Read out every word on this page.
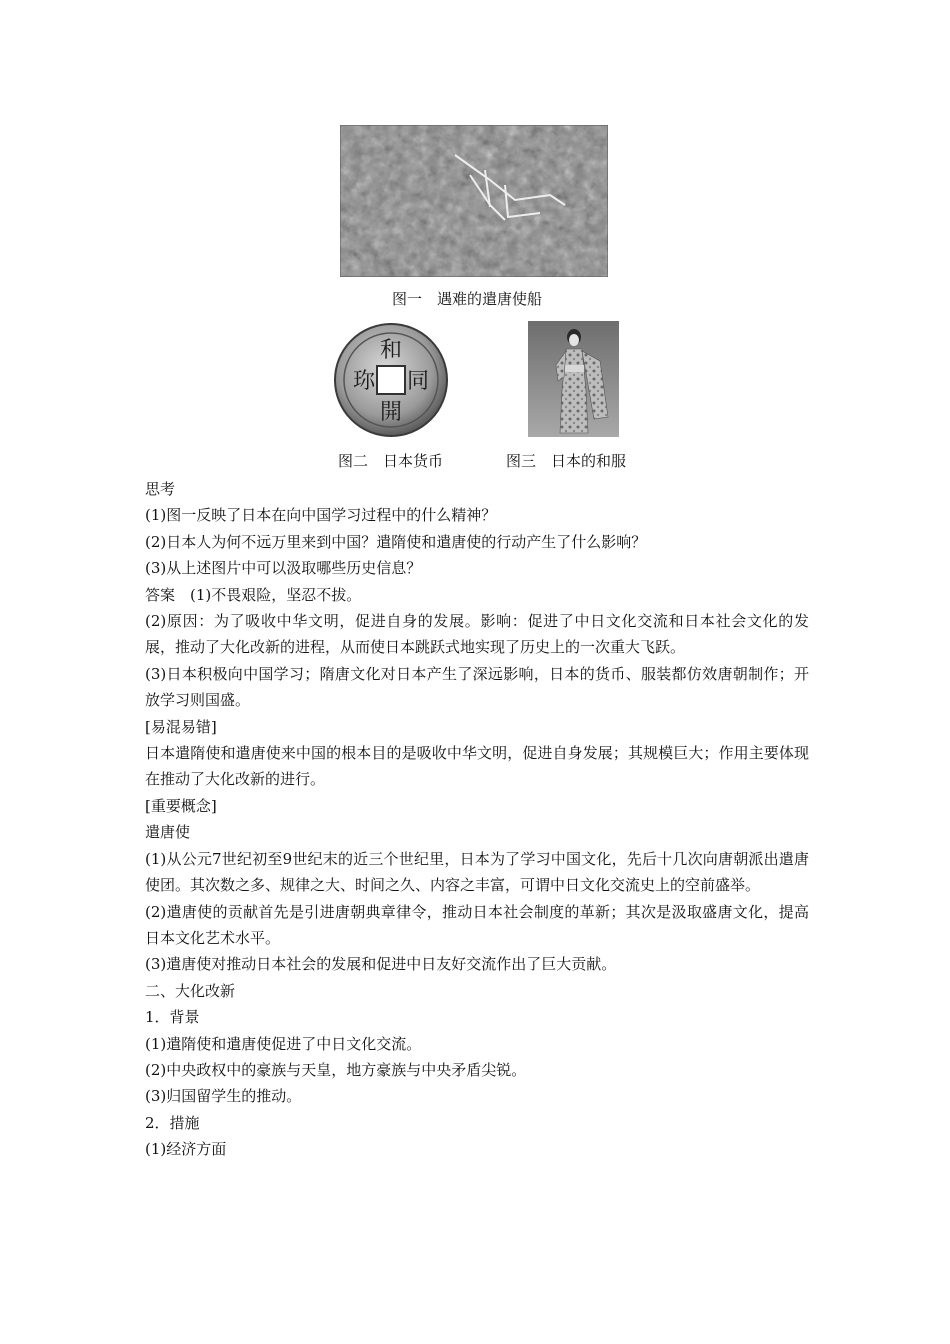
图一　遇难的遣唐使船
和
同
開
珎
图二　日本货币	图三　日本的和服

思考

(1)图一反映了日本在向中国学习过程中的什么精神？

(2)日本人为何不远万里来到中国？遣隋使和遣唐使的行动产生了什么影响？

(3)从上述图片中可以汲取哪些历史信息？

答案　(1)不畏艰险，坚忍不拔。

(2)原因：为了吸收中华文明，促进自身的发展。影响：促进了中日文化交流和日本社会文化的发展，推动了大化改新的进程，从而使日本跳跃式地实现了历史上的一次重大飞跃。

(3)日本积极向中国学习；隋唐文化对日本产生了深远影响，日本的货币、服装都仿效唐朝制作；开放学习则国盛。

[易混易错]

日本遣隋使和遣唐使来中国的根本目的是吸收中华文明，促进自身发展；其规模巨大；作用主要体现在推动了大化改新的进行。

[重要概念]

遣唐使

(1)从公元7世纪初至9世纪末的近三个世纪里，日本为了学习中国文化，先后十几次向唐朝派出遣唐使团。其次数之多、规律之大、时间之久、内容之丰富，可谓中日文化交流史上的空前盛举。

(2)遣唐使的贡献首先是引进唐朝典章律令，推动日本社会制度的革新；其次是汲取盛唐文化，提高日本文化艺术水平。

(3)遣唐使对推动日本社会的发展和促进中日友好交流作出了巨大贡献。

二、大化改新

1．背景

(1)遣隋使和遣唐使促进了中日文化交流。

(2)中央政权中的豪族与天皇，地方豪族与中央矛盾尖锐。

(3)归国留学生的推动。

2．措施

(1)经济方面
